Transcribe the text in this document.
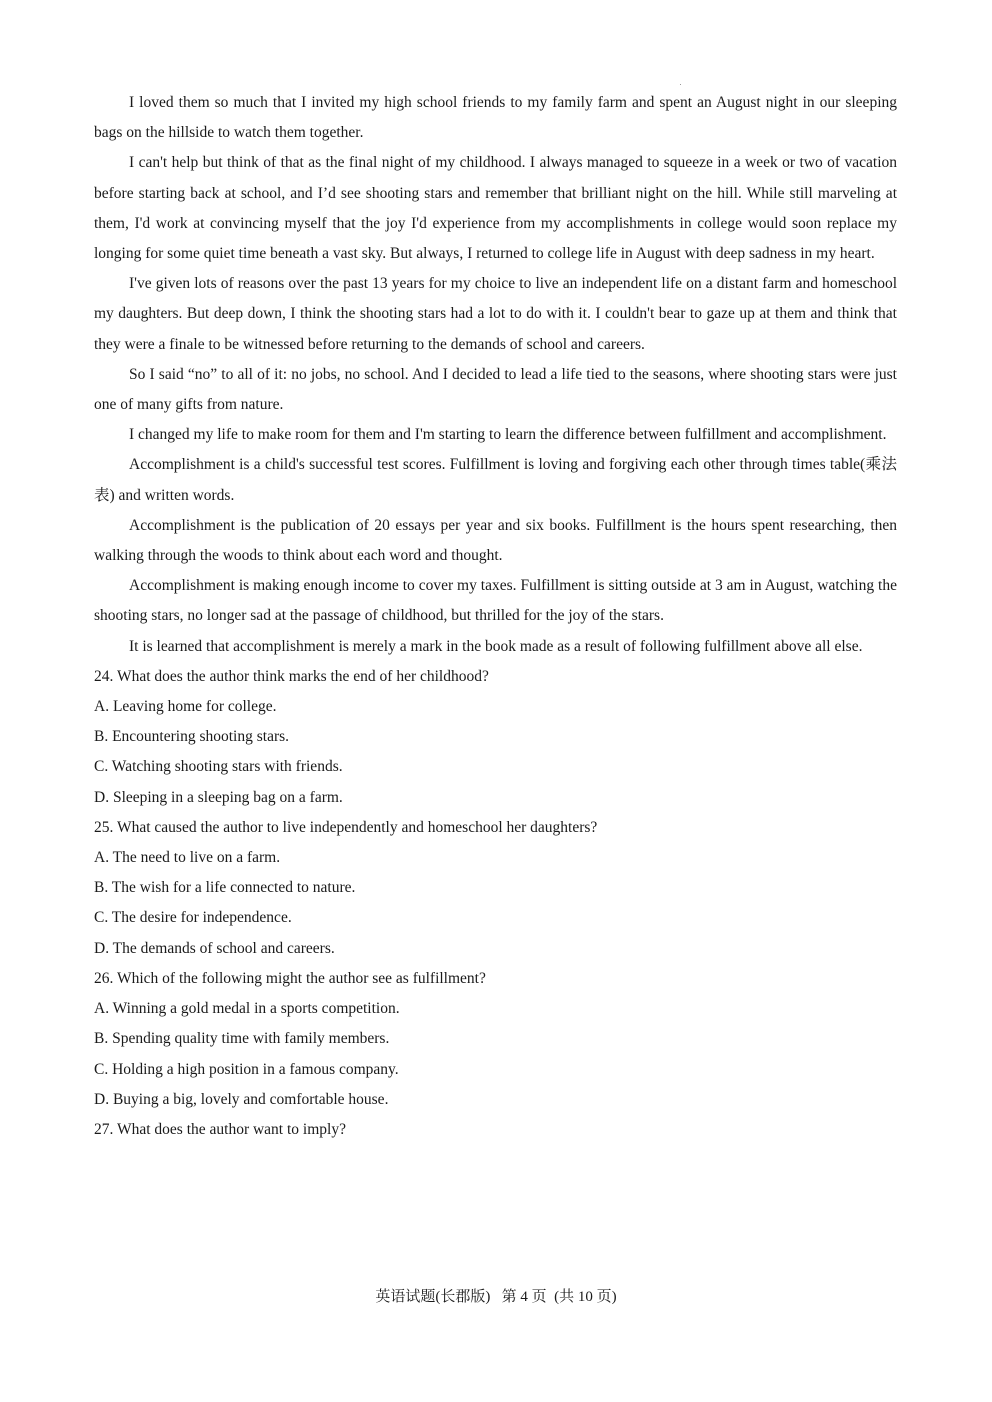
I loved them so much that I invited my high school friends to my family farm and spent an August night in our sleeping bags on the hillside to watch them together.

I can't help but think of that as the final night of my childhood. I always managed to squeeze in a week or two of vacation before starting back at school, and I’d see shooting stars and remember that brilliant night on the hill. While still marveling at them, I'd work at convincing myself that the joy I'd experience from my accomplishments in college would soon replace my longing for some quiet time beneath a vast sky. But always, I returned to college life in August with deep sadness in my heart.

I've given lots of reasons over the past 13 years for my choice to live an independent life on a distant farm and homeschool my daughters. But deep down, I think the shooting stars had a lot to do with it. I couldn't bear to gaze up at them and think that they were a finale to be witnessed before returning to the demands of school and careers.

So I said “no” to all of it: no jobs, no school. And I decided to lead a life tied to the seasons, where shooting stars were just one of many gifts from nature.

I changed my life to make room for them and I'm starting to learn the difference between fulfillment and accomplishment.

Accomplishment is a child's successful test scores. Fulfillment is loving and forgiving each other through times table(乘法表) and written words.

Accomplishment is the publication of 20 essays per year and six books. Fulfillment is the hours spent researching, then walking through the woods to think about each word and thought.

Accomplishment is making enough income to cover my taxes. Fulfillment is sitting outside at 3 am in August, watching the shooting stars, no longer sad at the passage of childhood, but thrilled for the joy of the stars.

It is learned that accomplishment is merely a mark in the book made as a result of following fulfillment above all else.

24. What does the author think marks the end of her childhood?

A. Leaving home for college.

B. Encountering shooting stars.

C. Watching shooting stars with friends.

D. Sleeping in a sleeping bag on a farm.

25. What caused the author to live independently and homeschool her daughters?

A. The need to live on a farm.

B. The wish for a life connected to nature.

C. The desire for independence.

D. The demands of school and careers.

26. Which of the following might the author see as fulfillment?

A. Winning a gold medal in a sports competition.

B. Spending quality time with family members.

C. Holding a high position in a famous company.

D. Buying a big, lovely and comfortable house.

27. What does the author want to imply?

英语试题(长郡版)   第 4 页  (共 10 页)
